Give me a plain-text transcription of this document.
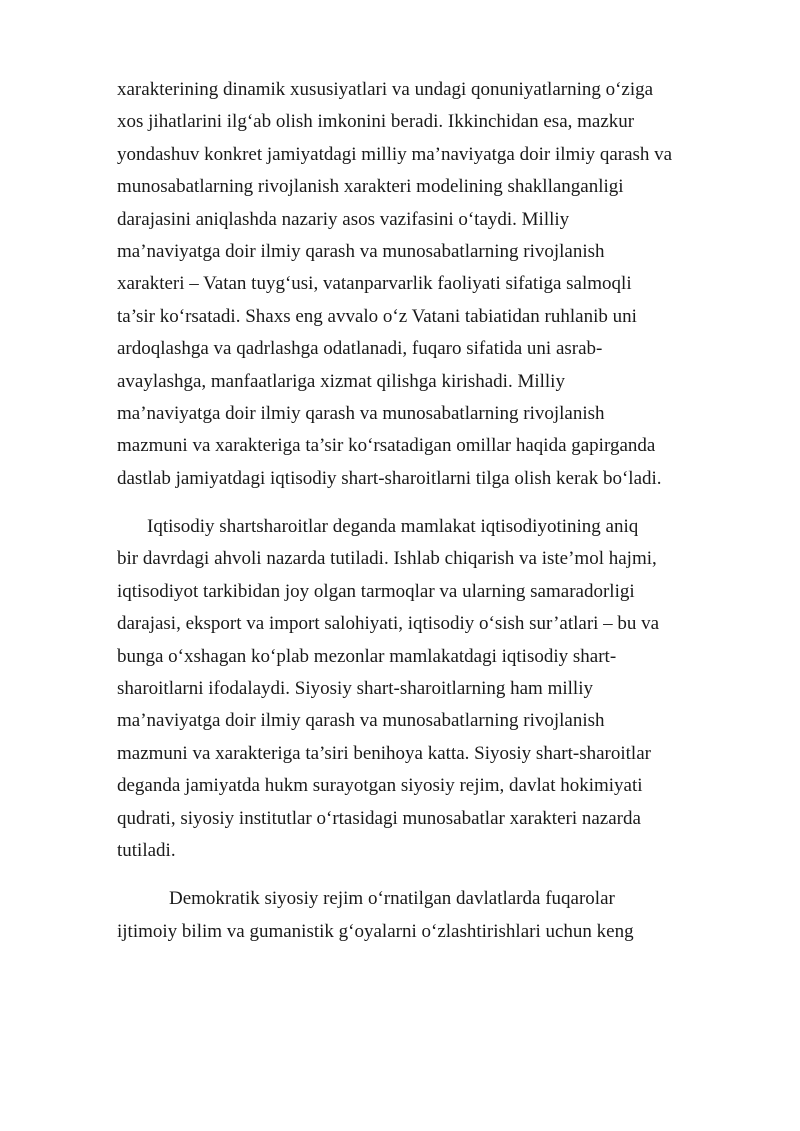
xarakterining dinamik xususiyatlari va undagi qonuniyatlarning o‘ziga
xos jihatlarini ilg‘ab olish imkonini beradi. Ikkinchidan esa, mazkur
yondashuv konkret jamiyatdagi milliy ma’naviyatga doir ilmiy qarash va
munosabatlarning rivojlanish xarakteri modelining shakllanganligi
darajasini aniqlashda nazariy asos vazifasini o‘taydi. Milliy
ma’naviyatga doir ilmiy qarash va munosabatlarning rivojlanish
xarakteri – Vatan tuyg‘usi, vatanparvarlik faoliyati sifatiga salmoqli
ta’sir ko‘rsatadi. Shaxs eng avvalo o‘z Vatani tabiatidan ruhlanib uni
ardoqlashga va qadrlashga odatlanadi, fuqaro sifatida uni asrab-
avaylashga, manfaatlariga xizmat qilishga kirishadi. Milliy
ma’naviyatga doir ilmiy qarash va munosabatlarning rivojlanish
mazmuni va xarakteriga ta’sir ko‘rsatadigan omillar haqida gapirganda
dastlab jamiyatdagi iqtisodiy shart-sharoitlarni tilga olish kerak bo‘ladi.
Iqtisodiy shartsharoitlar deganda mamlakat iqtisodiyotining aniq
bir davrdagi ahvoli nazarda tutiladi. Ishlab chiqarish va iste’mol hajmi,
iqtisodiyot tarkibidan joy olgan tarmoqlar va ularning samaradorligi
darajasi, eksport va import salohiyati, iqtisodiy o‘sish sur’atlari – bu va
bunga o‘xshagan ko‘plab mezonlar mamlakatdagi iqtisodiy shart-
sharoitlarni ifodalaydi. Siyosiy shart-sharoitlarning ham milliy
ma’naviyatga doir ilmiy qarash va munosabatlarning rivojlanish
mazmuni va xarakteriga ta’siri benihoya katta. Siyosiy shart-sharoitlar
deganda jamiyatda hukm surayotgan siyosiy rejim, davlat hokimiyati
qudrati, siyosiy institutlar o‘rtasidagi munosabatlar xarakteri nazarda
tutiladi.
Demokratik siyosiy rejim o‘rnatilgan davlatlarda fuqarolar
ijtimoiy bilim va gumanistik g‘oyalarni o‘zlashtirishlari uchun keng
